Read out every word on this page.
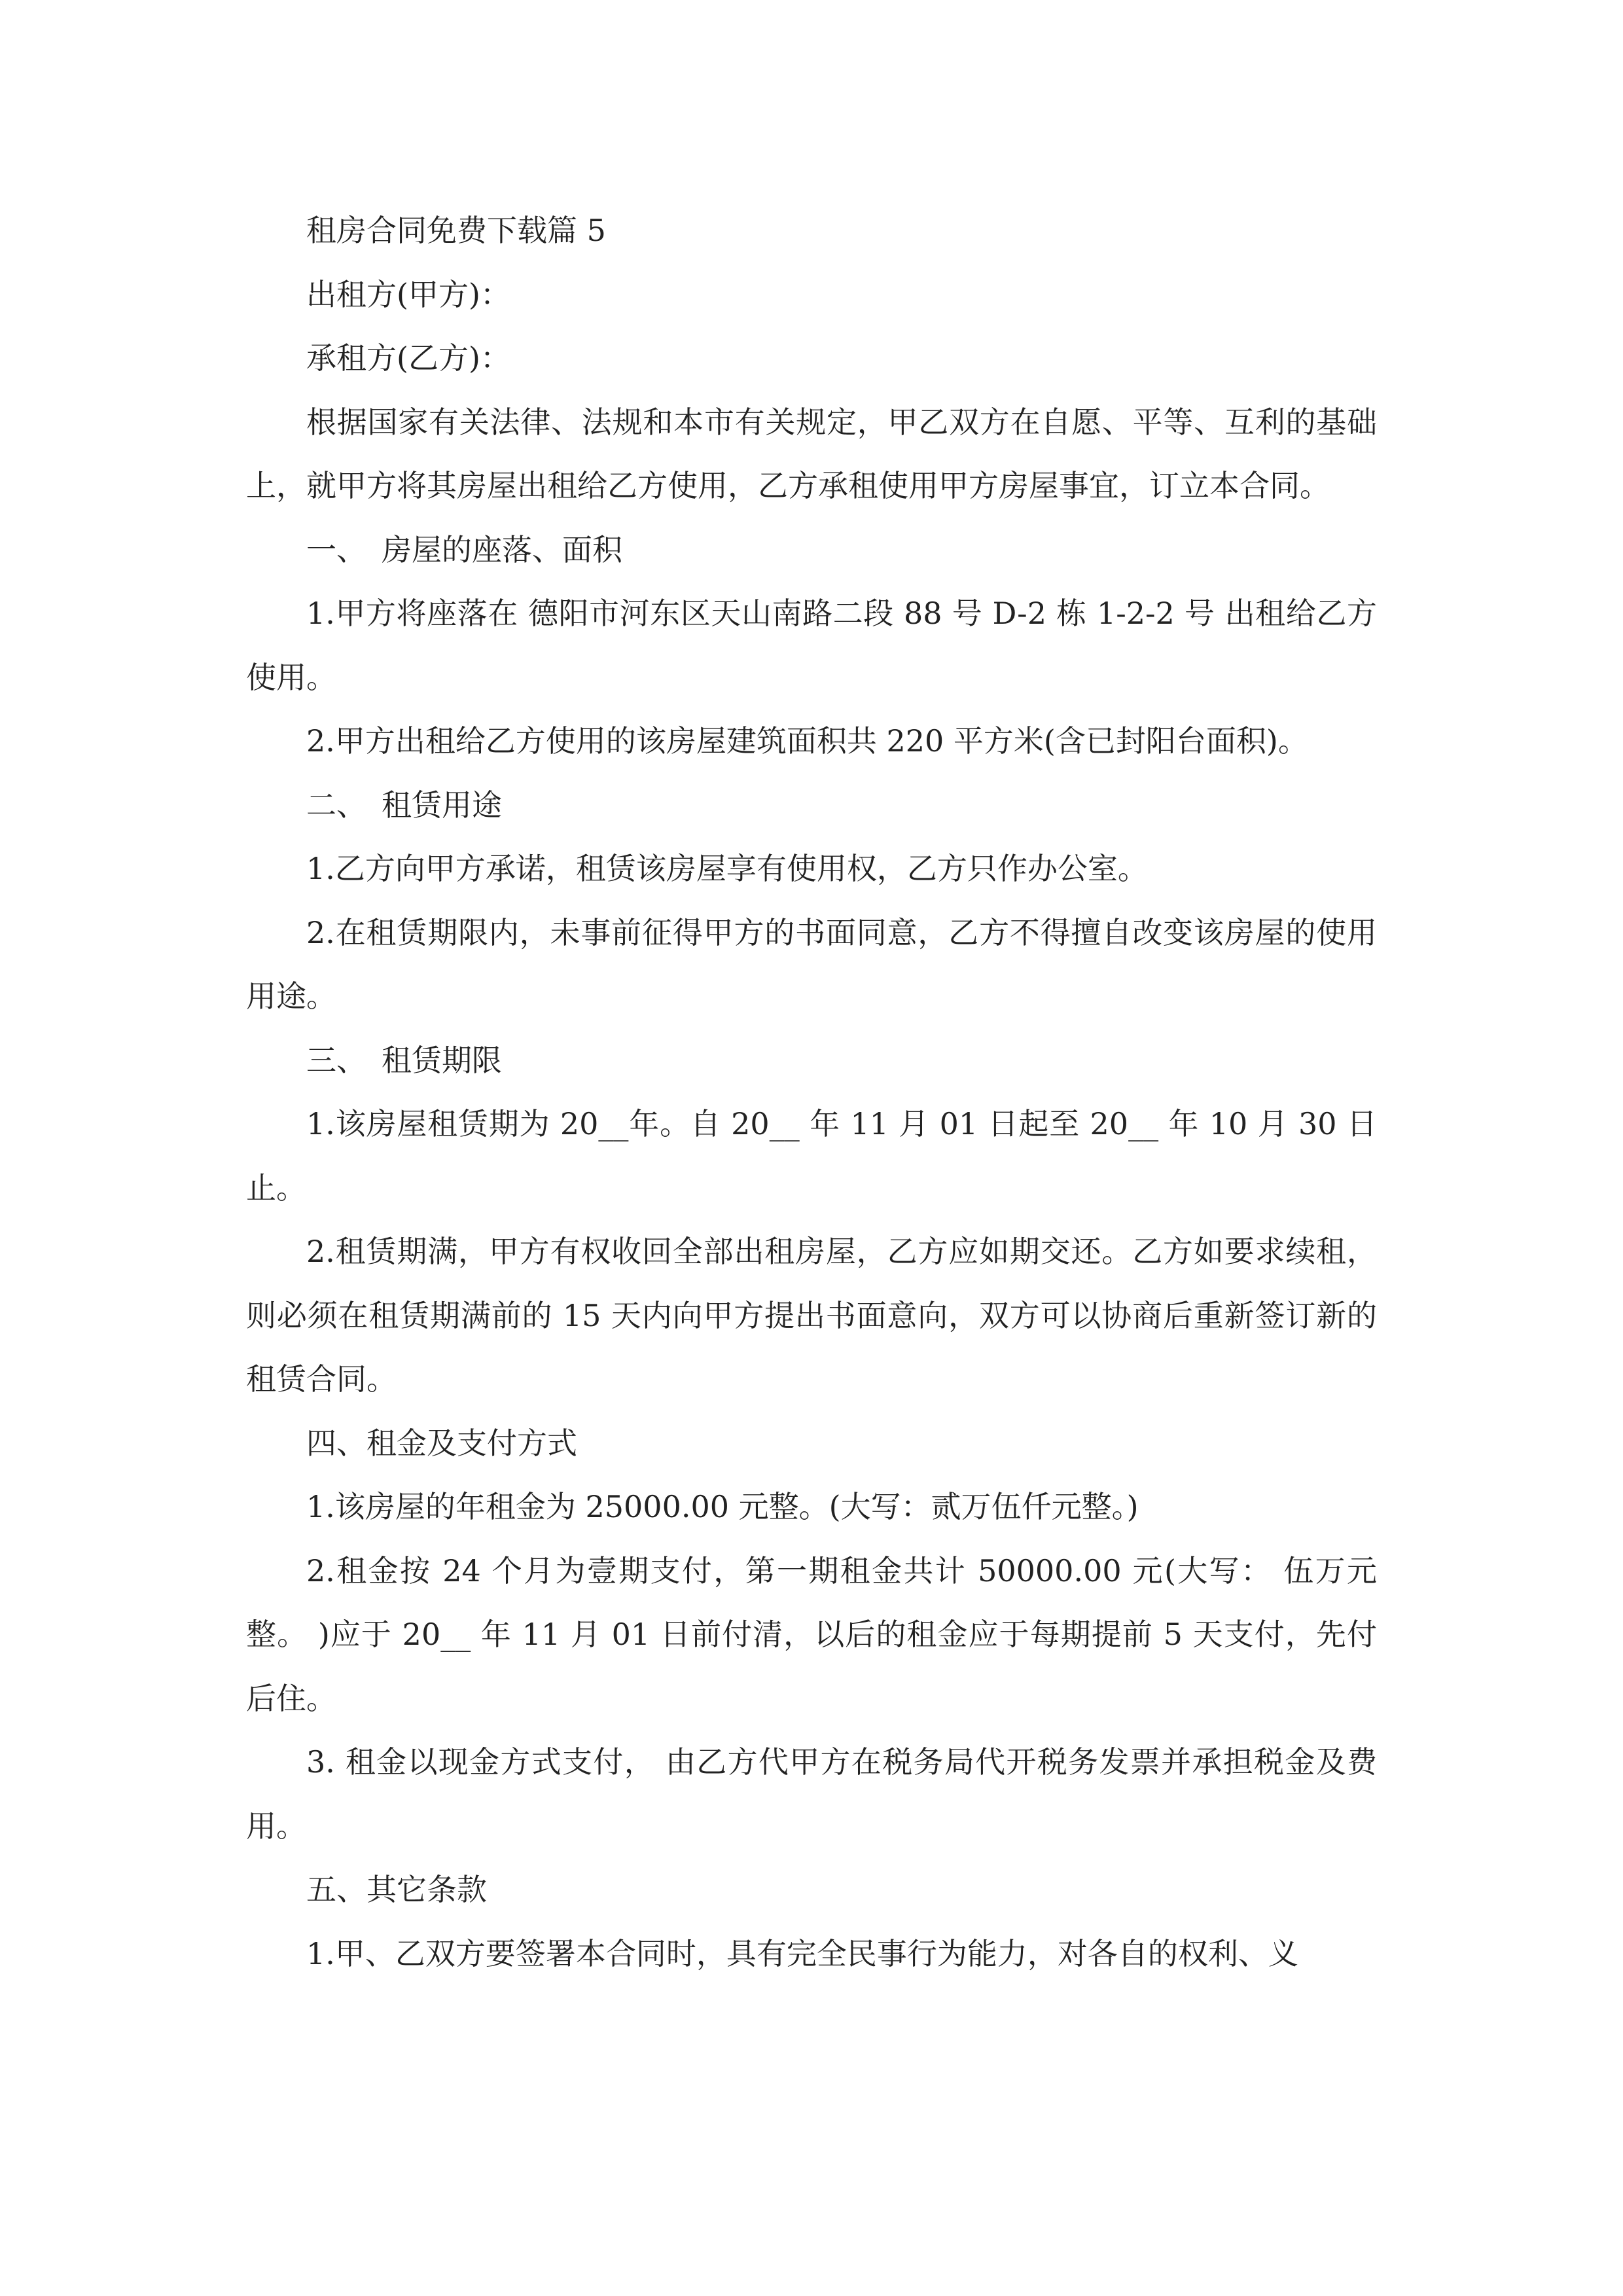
租房合同免费下载篇 5

出租方(甲方)：

承租方(乙方)：

根据国家有关法律、法规和本市有关规定，甲乙双方在自愿、平等、互利的基础上，就甲方将其房屋出租给乙方使用，乙方承租使用甲方房屋事宜，订立本合同。

一、　房屋的座落、面积

1.甲方将座落在 德阳市河东区天山南路二段 88 号 D-2 栋 1-2-2 号 出租给乙方使用。

2.甲方出租给乙方使用的该房屋建筑面积共 220 平方米(含已封阳台面积)。

二、　租赁用途

1.乙方向甲方承诺，租赁该房屋享有使用权，乙方只作办公室。

2.在租赁期限内，未事前征得甲方的书面同意，乙方不得擅自改变该房屋的使用用途。

三、　租赁期限

1.该房屋租赁期为 20__年。自 20__ 年 11 月 01 日起至 20__ 年 10 月 30 日止。

2.租赁期满，甲方有权收回全部出租房屋，乙方应如期交还。乙方如要求续租，则必须在租赁期满前的 15 天内向甲方提出书面意向，双方可以协商后重新签订新的租赁合同。

四、租金及支付方式

1.该房屋的年租金为 25000.00 元整。(大写：贰万伍仟元整。)

2.租金按 24 个月为壹期支付，第一期租金共计 50000.00 元(大写： 伍万元整。 )应于 20__ 年 11 月 01 日前付清，以后的租金应于每期提前 5 天支付，先付后住。

3. 租金以现金方式支付， 由乙方代甲方在税务局代开税务发票并承担税金及费用。

五、其它条款

1.甲、乙双方要签署本合同时，具有完全民事行为能力，对各自的权利、义
